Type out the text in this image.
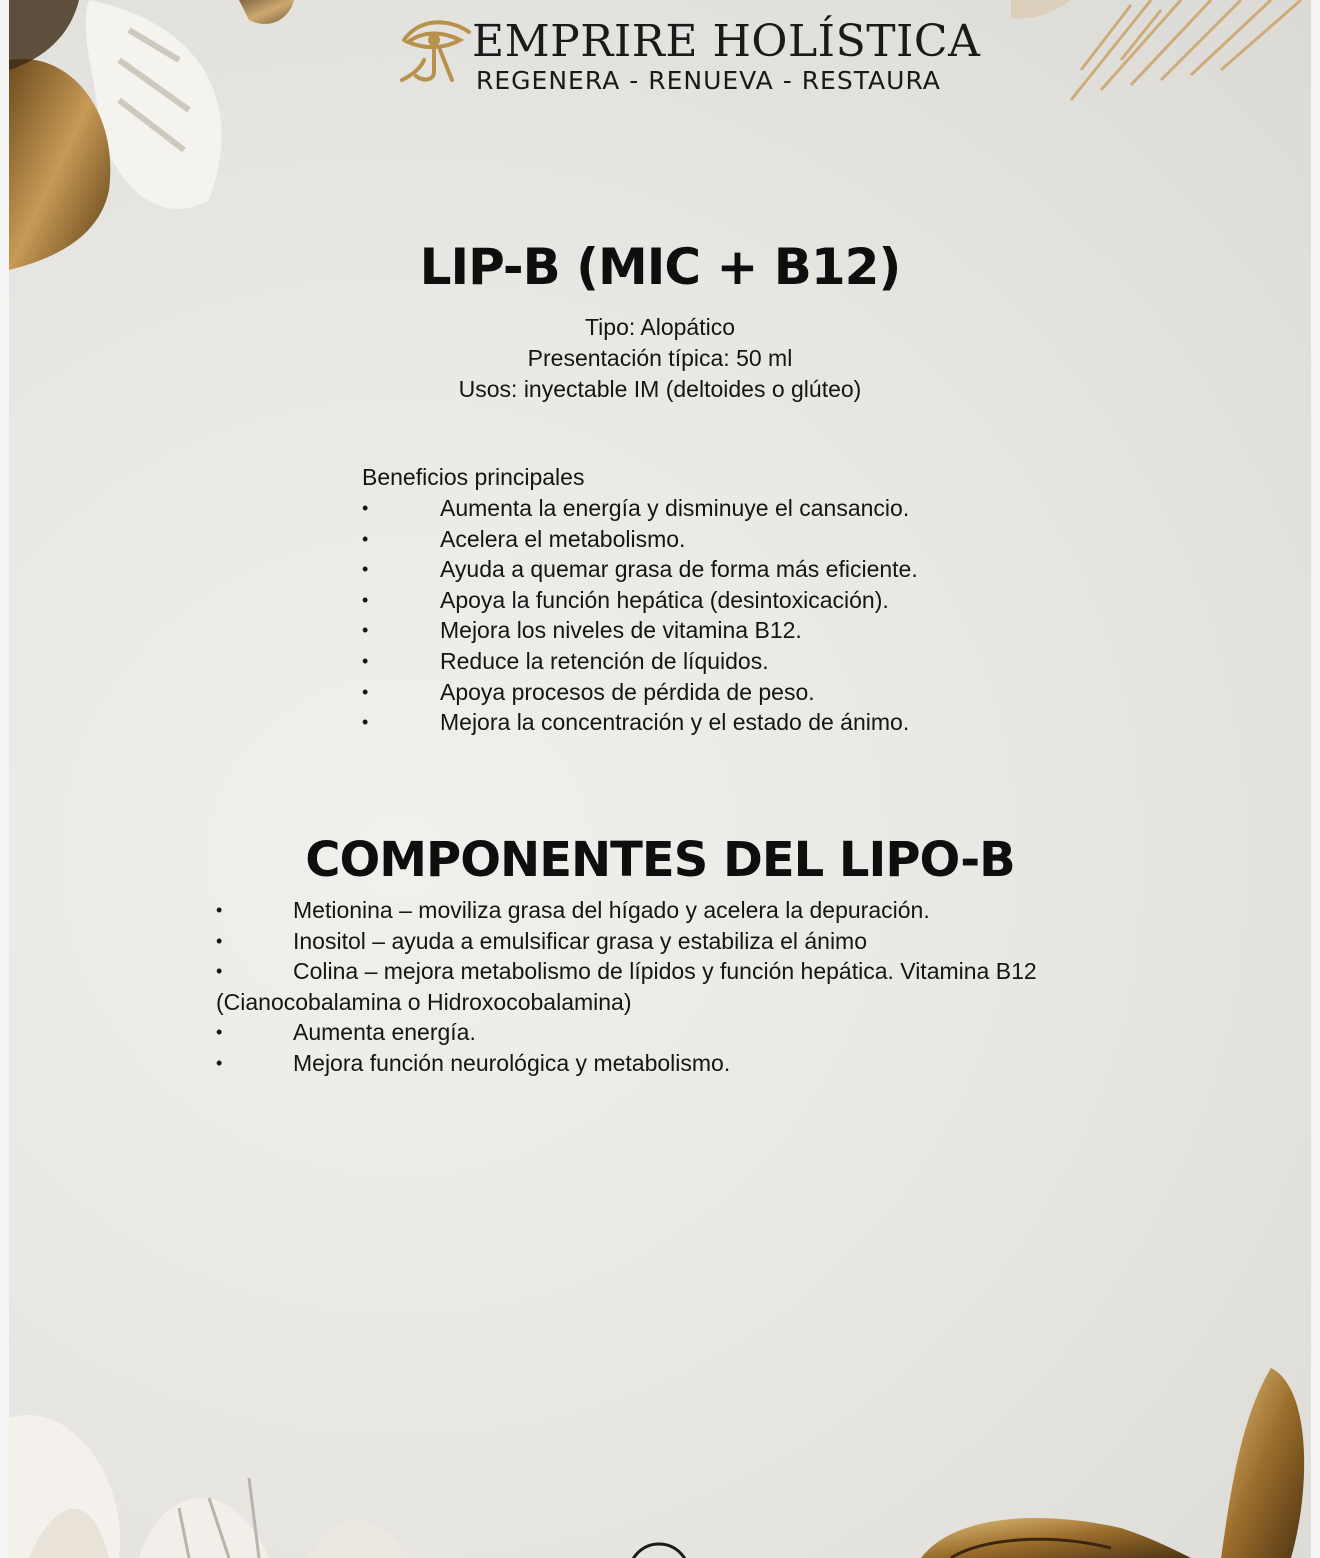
EMPRIRE HOLÍSTICA
REGENERA - RENUEVA - RESTAURA
LIP-B (MIC + B12)
Tipo: Alopático
Presentación típica: 50 ml
Usos: inyectable IM (deltoides o glúteo)
Beneficios principales
•	Aumenta la energía y disminuye el cansancio.
•	Acelera el metabolismo.
•	Ayuda a quemar grasa de forma más eficiente.
•	Apoya la función hepática (desintoxicación).
•	Mejora los niveles de vitamina B12.
•	Reduce la retención de líquidos.
•	Apoya procesos de pérdida de peso.
•	Mejora la concentración y el estado de ánimo.
COMPONENTES DEL LIPO-B
•	Metionina – moviliza grasa del hígado y acelera la depuración.
•	Inositol – ayuda a emulsificar grasa y estabiliza el ánimo
•	Colina – mejora metabolismo de lípidos y función hepática. Vitamina B12 (Cianocobalamina o Hidroxocobalamina)
•	Aumenta energía.
•	Mejora función neurológica y metabolismo.
